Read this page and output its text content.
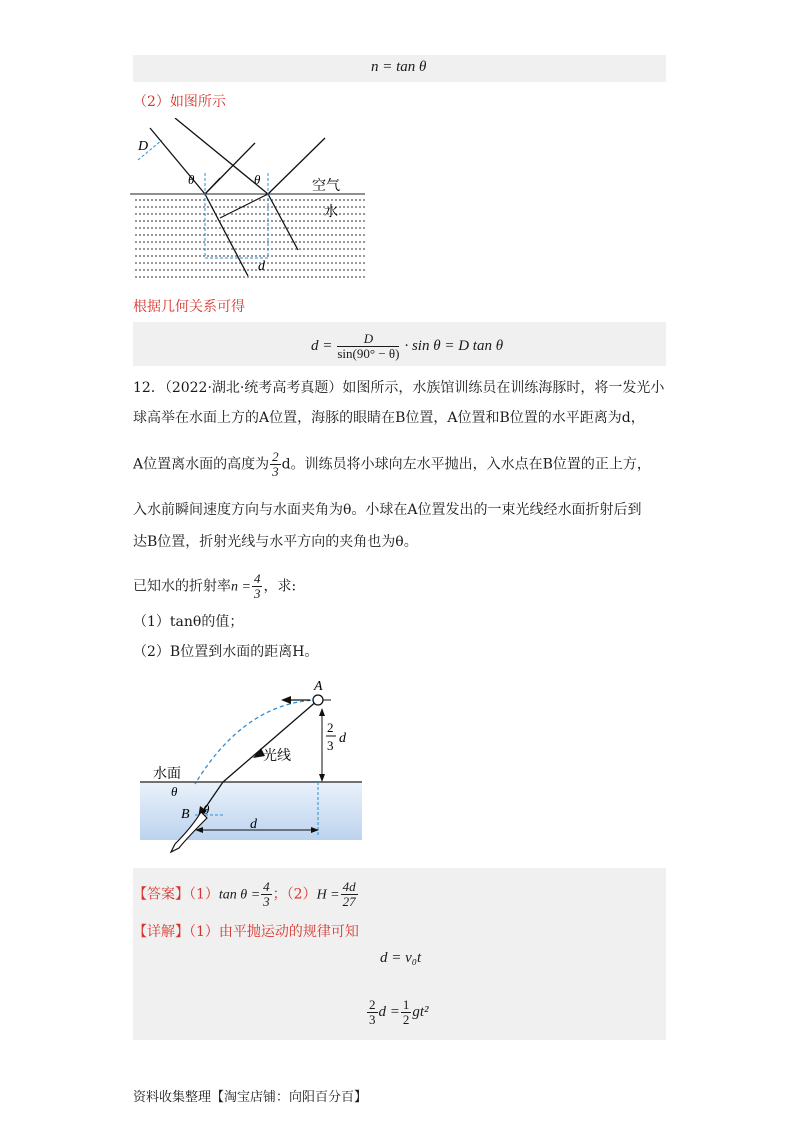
n = tan θ
（2）如图所示
D
θ	θ	空气
水
d
根据几何关系可得
$d = \frac{D}{\sin(90^\circ - \theta)} \cdot \sin \theta = D$ tan θ
12．（2022·湖北·统考高考真题）如图所示，水族馆训练员在训练海豚时，将一发光小
球高举在水面上方的A位置，海豚的眼睛在B位置，A位置和B位置的水平距离为d，
A位置离水面的高度为 $\frac{2}{3}$ d。训练员将小球向左水平抛出，入水点在B位置的正上方，
入水前瞬间速度方向与水面夹角为θ。小球在A位置发出的一束光线经水面折射后到
达B位置，折射光线与水平方向的夹角也为θ。
已知水的折射率$n = \frac{4}{3}$ ，求:
（1）tanθ的值；
（2）B位置到水面的距离H。
A
B
θ
θ
光线
水面
d
2
3 d
【答案】（1）tan $\theta = \frac{4}{3}$ ；$(2)H = \frac{4d}{27}$
【详解】（1）由平抛运动的规律可知
d = v₀t
$\frac{2}{3}$ $d = \frac{1}{2} gt^2$
资料收集整理【淘宝店铺：向阳百分百】
